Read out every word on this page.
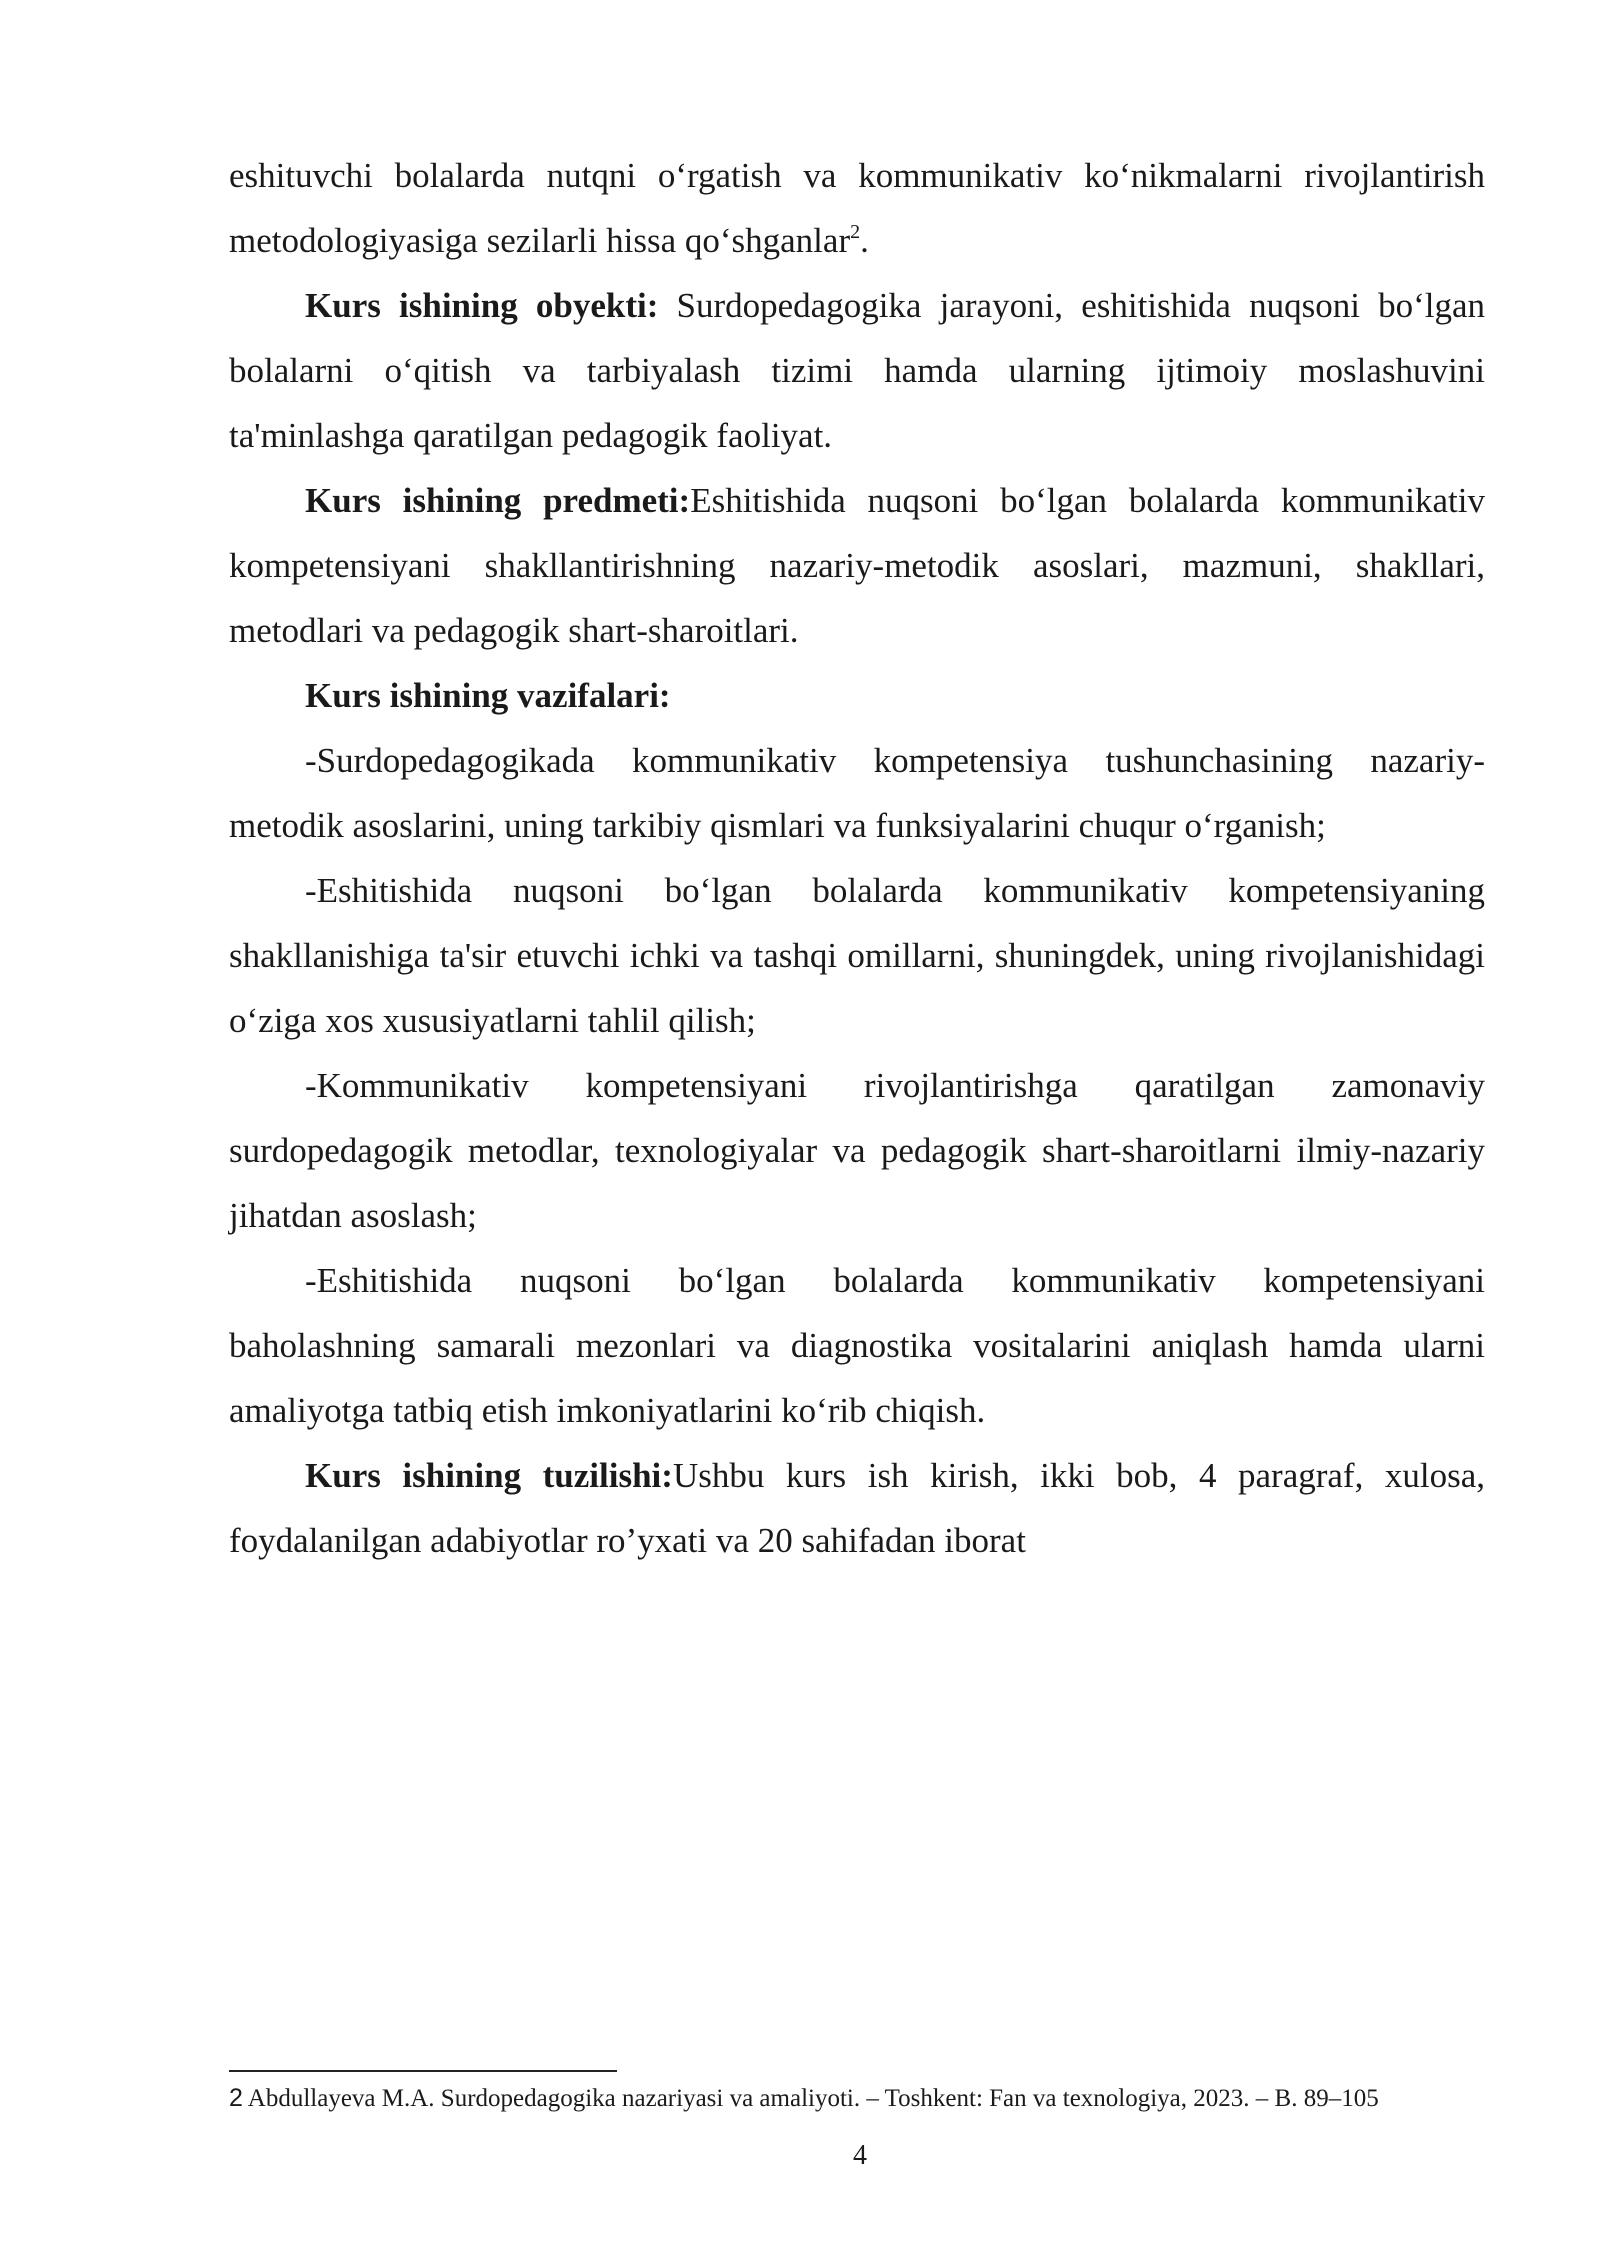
eshituvchi bolalarda nutqni o‘rgatish va kommunikativ ko‘nikmalarni rivojlantirish metodologiyasiga sezilarli hissa qo‘shganlar$^2$.

Kurs ishining obyekti: Surdopedagogika jarayoni, eshitishida nuqsoni bo‘lgan bolalarni o‘qitish va tarbiyalash tizimi hamda ularning ijtimoiy moslashuvini ta'minlashga qaratilgan pedagogik faoliyat.

Kurs ishining predmeti:Eshitishida nuqsoni bo‘lgan bolalarda kommunikativ kompetensiyani shakllantirishning nazariy-metodik asoslari, mazmuni, shakllari, metodlari va pedagogik shart-sharoitlari.

Kurs ishining vazifalari:

-Surdopedagogikada kommunikativ kompetensiya tushunchasining nazariy-metodik asoslarini, uning tarkibiy qismlari va funksiyalarini chuqur o‘rganish;

-Eshitishida nuqsoni bo‘lgan bolalarda kommunikativ kompetensiyaning shakllanishiga ta'sir etuvchi ichki va tashqi omillarni, shuningdek, uning rivojlanishidagi o‘ziga xos xususiyatlarni tahlil qilish;

-Kommunikativ kompetensiyani rivojlantirishga qaratilgan zamonaviy surdopedagogik metodlar, texnologiyalar va pedagogik shart-sharoitlarni ilmiy-nazariy jihatdan asoslash;

-Eshitishida nuqsoni bo‘lgan bolalarda kommunikativ kompetensiyani baholashning samarali mezonlari va diagnostika vositalarini aniqlash hamda ularni amaliyotga tatbiq etish imkoniyatlarini ko‘rib chiqish.

Kurs ishining tuzilishi:Ushbu kurs ish kirish, ikki bob, 4 paragraf, xulosa, foydalanilgan adabiyotlar ro’yxati va 20 sahifadan iborat

2 Abdullayeva M.A. Surdopedagogika nazariyasi va amaliyoti. – Toshkent: Fan va texnologiya, 2023. – B. 89–105
4
